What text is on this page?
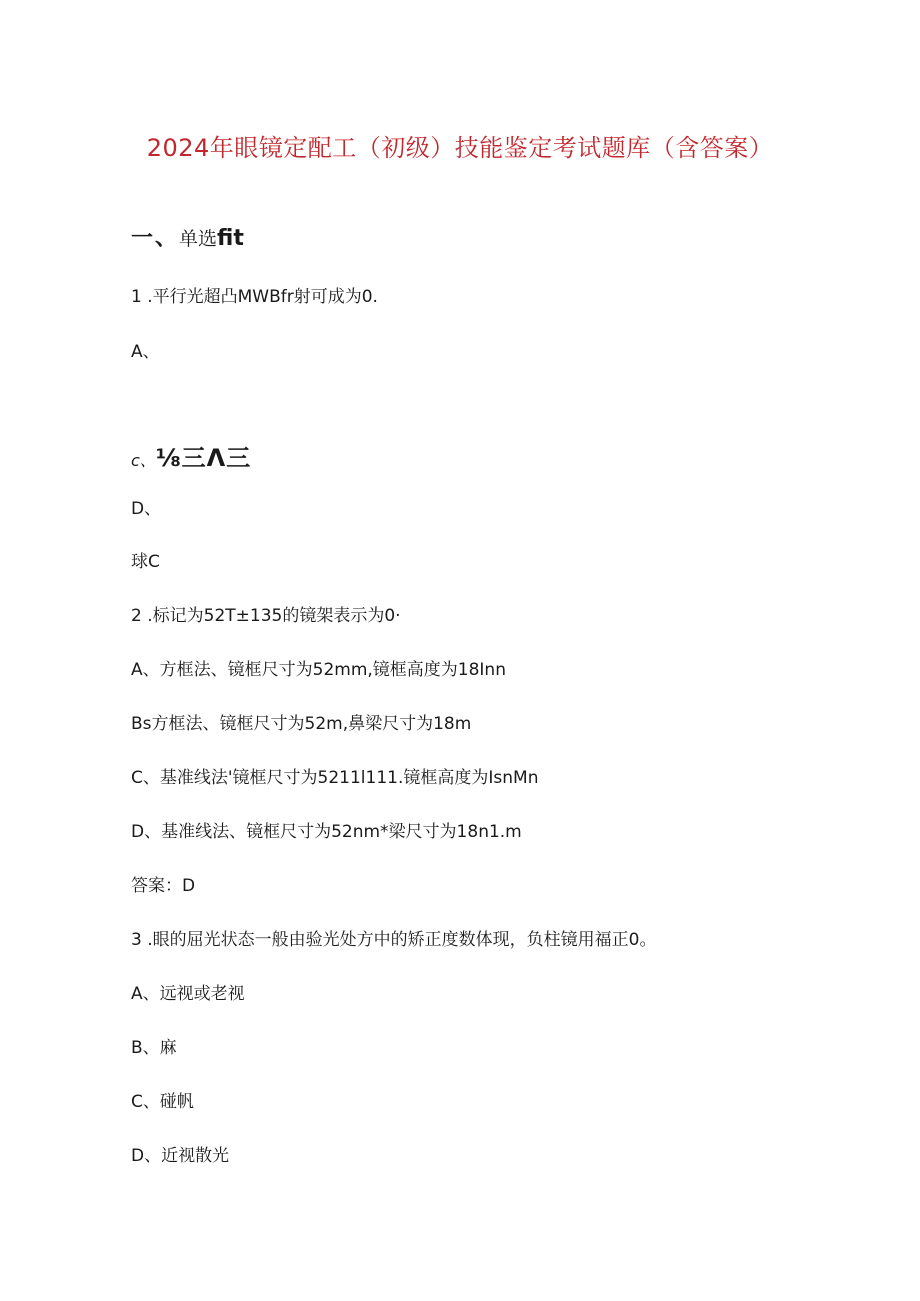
2024年眼镜定配工（初级）技能鉴定考试题库（含答案）
一、单选fit
1 .平行光超凸MWBfr射可成为0.
A、
c、⅛三Λ三
D、
球C
2 .标记为52T±135的镜架表示为0·
A、方框法、镜框尺寸为52mm,镜框高度为18Inn
Bs方框法、镜框尺寸为52m,鼻梁尺寸为18m
C、基准线法'镜框尺寸为5211l111.镜框高度为IsnMn
D、基准线法、镜框尺寸为52nm*梁尺寸为18n1.m
答案：D
3 .眼的屈光状态一般由验光处方中的矫正度数体现，负柱镜用福正0。
A、远视或老视
B、麻
C、碰帆
D、近视散光
